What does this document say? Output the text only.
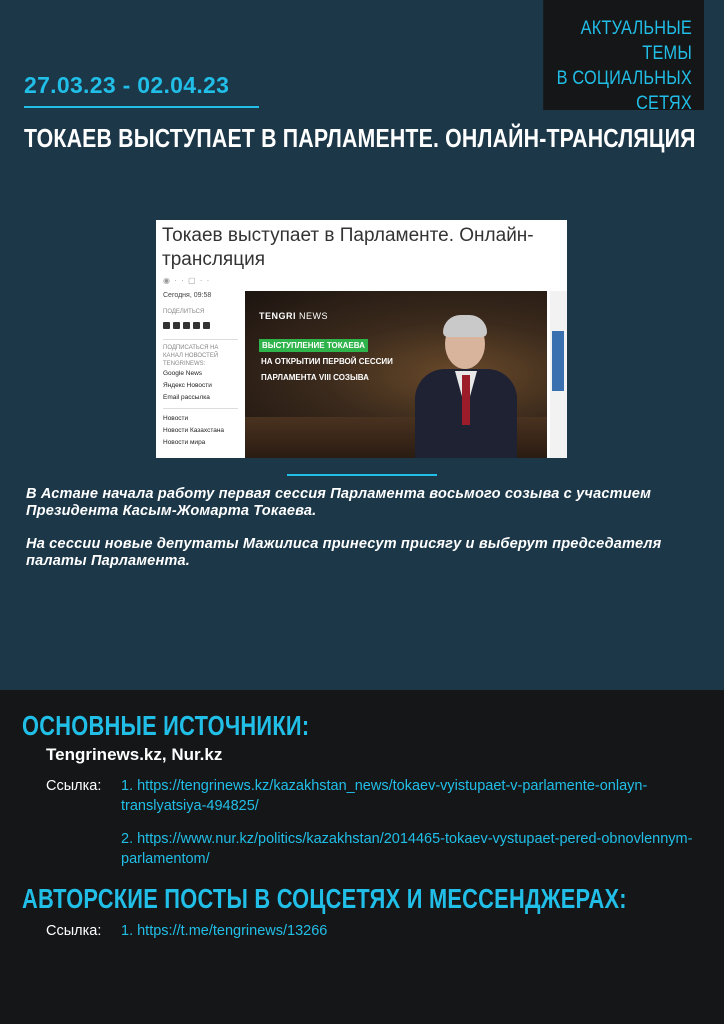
АКТУАЛЬНЫЕ ТЕМЫ
В СОЦИАЛЬНЫХ
СЕТЯХ
27.03.23 - 02.04.23
ТОКАЕВ ВЫСТУПАЕТ В ПАРЛАМЕНТЕ. ОНЛАЙН-ТРАНСЛЯЦИЯ
Токаев выступает в Парламенте. Онлайн-трансляция
◉ · · ▢ · ·
Сегодня, 09:58
ПОДЕЛИТЬСЯ
ПОДПИСАТЬСЯ НА КАНАЛ НОВОСТЕЙ TENGRINEWS:
Google News
Яндекс Новости
Email рассылка
Новости
Новости Казахстана
Новости мира
TENGRI NEWS
ВЫСТУПЛЕНИЕ ТОКАЕВА
НА ОТКРЫТИИ ПЕРВОЙ СЕССИИ
ПАРЛАМЕНТА VIII СОЗЫВА
В Астане начала работу первая сессия Парламента восьмого созыва с участием Президента Касым-Жомарта Токаева.
На сессии новые депутаты Мажилиса принесут присягу и выберут председателя палаты Парламента.
ОСНОВНЫЕ ИСТОЧНИКИ:
Tengrinews.kz, Nur.kz
Ссылка: 1. https://tengrinews.kz/kazakhstan_news/tokaev-vyistupaet-v-parlamente-onlayn-translyatsiya-494825/
2. https://www.nur.kz/politics/kazakhstan/2014465-tokaev-vystupaet-pered-obnovlennym-parlamentom/
АВТОРСКИЕ ПОСТЫ В СОЦСЕТЯХ И МЕССЕНДЖЕРАХ:
Ссылка: 1. https://t.me/tengrinews/13266
